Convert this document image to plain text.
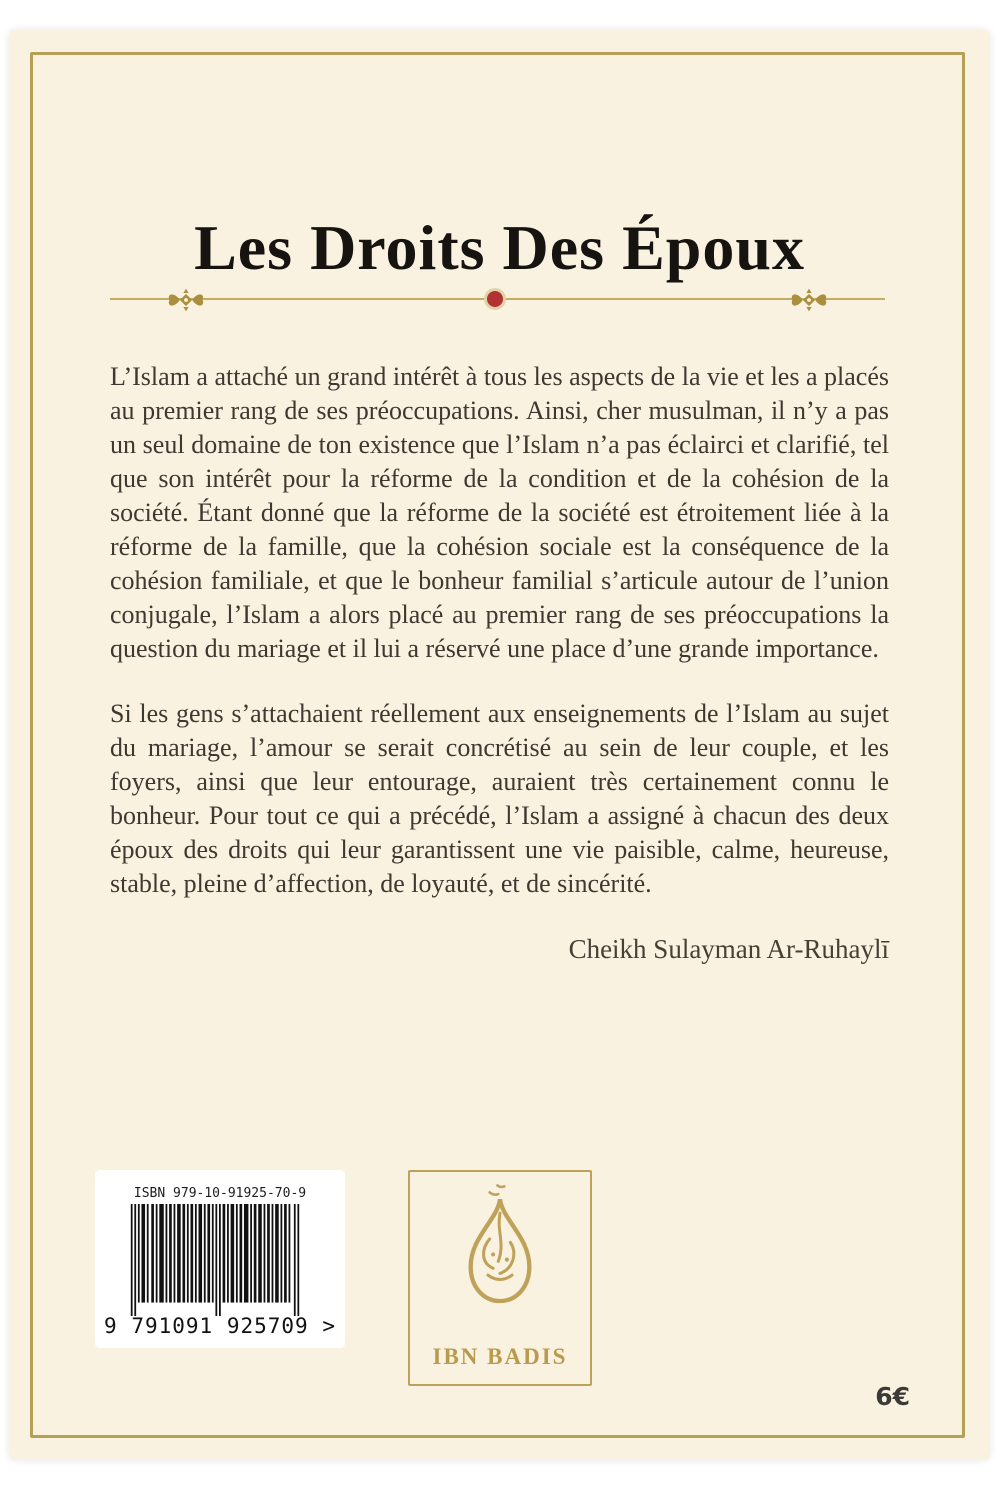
Les Droits Des Époux

L’Islam a attaché un grand intérêt à tous les aspects de la vie et les a placés au premier rang de ses préoccupations. Ainsi, cher musulman, il n’y a pas un seul domaine de ton existence que l’Islam n’a pas éclairci et clarifié, tel que son intérêt pour la réforme de la condition et de la cohésion de la société. Étant donné que la réforme de la société est étroitement liée à la réforme de la famille, que la cohésion sociale est la conséquence de la cohésion familiale, et que le bonheur familial s’articule autour de l’union conjugale, l’Islam a alors placé au premier rang de ses préoccupations la question du mariage et il lui a réservé une place d’une grande importance.

Si les gens s’attachaient réellement aux enseignements de l’Islam au sujet du mariage, l’amour se serait concrétisé au sein de leur couple, et les foyers, ainsi que leur entourage, auraient très certainement connu le bonheur. Pour tout ce qui a précédé, l’Islam a assigné à chacun des deux époux des droits qui leur garantissent une vie paisible, calme, heureuse, stable, pleine d’affection, de loyauté, et de sincérité.

Cheikh Sulayman Ar-Ruhaylī

ISBN 979-10-91925-70-9
9 791091 925709 >
IBN BADIS
6€
